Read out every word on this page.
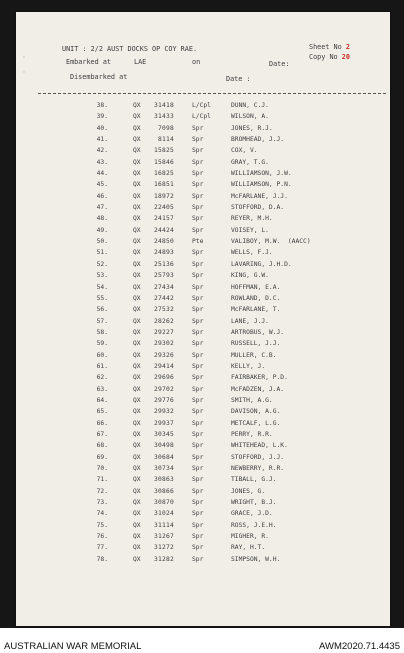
UNIT : 2/2 AUST DOCKS OP COY RAE.	Sheet No 2
Copy No 20
Embarked at	LAE	on	Date:
Disembarked at	Date :
◦
◦
38.	QX	31418	L/Cpl	DUNN, C.J.
39.	QX	31433	L/Cpl	WILSON, A.
40.	QX	7098	Spr	JONES, R.J.
41.	QX	8114	Spr	BROMHEAD, J.J.
42.	QX	15825	Spr	COX, V.
43.	QX	15846	Spr	GRAY, T.G.
44.	QX	16825	Spr	WILLIAMSON, J.W.
45.	QX	16851	Spr	WILLIAMSON, P.N.
46.	QX	18972	Spr	McFARLANE, J.J.
47.	QX	22405	Spr	STOFFORD, D.A.
48.	QX	24157	Spr	REYER, M.H.
49.	QX	24424	Spr	VOISEY, L.
50.	QX	24850	Pte	VALIBOY, M.W.  (AACC)
51.	QX	24893	Spr	WELLS, F.J.
52.	QX	25136	Spr	LAVARING, J.H.D.
53.	QX	25793	Spr	KING, G.W.
54.	QX	27434	Spr	HOFFMAN, E.A.
55.	QX	27442	Spr	ROWLAND, D.C.
56.	QX	27532	Spr	McFARLANE, T.
57.	QX	28262	Spr	LANE, J.J.
58.	QX	29227	Spr	ARTROBUS, W.J.
59.	QX	29302	Spr	RUSSELL, J.J.
60.	QX	29326	Spr	MULLER, C.B.
61.	QX	29414	Spr	KELLY, J.
62.	QX	29696	Spr	FAIRBAKER, P.D.
63.	QX	29702	Spr	McFADZEN, J.A.
64.	QX	29776	Spr	SMITH, A.G.
65.	QX	29932	Spr	DAVISON, A.G.
66.	QX	29937	Spr	METCALF, L.G.
67.	QX	30345	Spr	PERRY, R.R.
68.	QX	30498	Spr	WHITEHEAD, L.K.
69.	QX	30684	Spr	STOFFORD, J.J.
70.	QX	30734	Spr	NEWBERRY, R.R.
71.	QX	30863	Spr	TIBALL, G.J.
72.	QX	30866	Spr	JONES, G.
73.	QX	30870	Spr	WRIGHT, B.J.
74.	QX	31024	Spr	GRACE, J.D.
75.	QX	31114	Spr	ROSS, J.E.H.
76.	QX	31267	Spr	MIGHER, R.
77.	QX	31272	Spr	RAY, H.T.
78.	QX	31282	Spr	SIMPSON, W.H.
AUSTRALIAN WAR MEMORIAL	AWM2020.71.4435
